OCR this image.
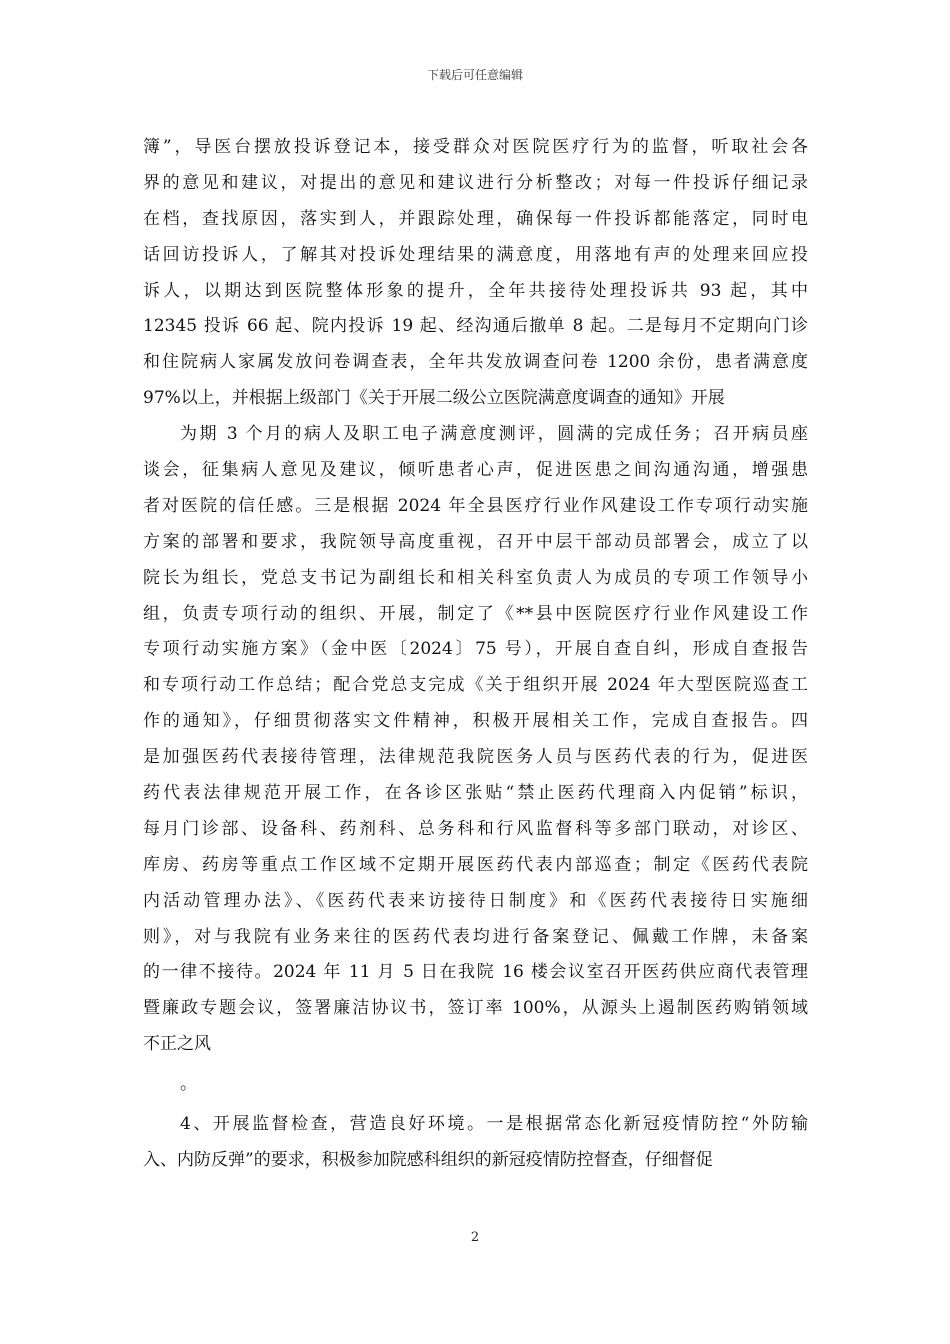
下载后可任意编辑
簿”，导医台摆放投诉登记本，接受群众对医院医疗行为的监督，听取社会各
界的意见和建议，对提出的意见和建议进行分析整改；对每一件投诉仔细记录
在档，查找原因，落实到人，并跟踪处理，确保每一件投诉都能落定，同时电
话回访投诉人，了解其对投诉处理结果的满意度，用落地有声的处理来回应投
诉人，以期达到医院整体形象的提升，全年共接待处理投诉共 93 起，其中
12345 投诉 66 起、院内投诉 19 起、经沟通后撤单 8 起。二是每月不定期向门诊
和住院病人家属发放问卷调查表，全年共发放调查问卷 1200 余份，患者满意度
97%以上，并根据上级部门《关于开展二级公立医院满意度调查的通知》开展
为期 3 个月的病人及职工电子满意度测评，圆满的完成任务；召开病员座
谈会，征集病人意见及建议，倾听患者心声，促进医患之间沟通沟通，增强患
者对医院的信任感。三是根据 2024 年全县医疗行业作风建设工作专项行动实施
方案的部署和要求，我院领导高度重视，召开中层干部动员部署会，成立了以
院长为组长，党总支书记为副组长和相关科室负责人为成员的专项工作领导小
组，负责专项行动的组织、开展，制定了《**县中医院医疗行业作风建设工作
专项行动实施方案》（金中医〔2024〕75 号），开展自查自纠，形成自查报告
和专项行动工作总结；配合党总支完成《关于组织开展 2024 年大型医院巡查工
作的通知》，仔细贯彻落实文件精神，积极开展相关工作，完成自查报告。四
是加强医药代表接待管理，法律规范我院医务人员与医药代表的行为，促进医
药代表法律规范开展工作，在各诊区张贴“禁止医药代理商入内促销”标识，
每月门诊部、设备科、药剂科、总务科和行风监督科等多部门联动，对诊区、
库房、药房等重点工作区域不定期开展医药代表内部巡查；制定《医药代表院
内活动管理办法》、《医药代表来访接待日制度》和《医药代表接待日实施细
则》，对与我院有业务来往的医药代表均进行备案登记、佩戴工作牌，未备案
的一律不接待。2024 年 11 月 5 日在我院 16 楼会议室召开医药供应商代表管理
暨廉政专题会议，签署廉洁协议书，签订率 100%，从源头上遏制医药购销领域
不正之风
。
4、开展监督检查，营造良好环境。一是根据常态化新冠疫情防控“外防输
入、内防反弹”的要求，积极参加院感科组织的新冠疫情防控督查，仔细督促
2
